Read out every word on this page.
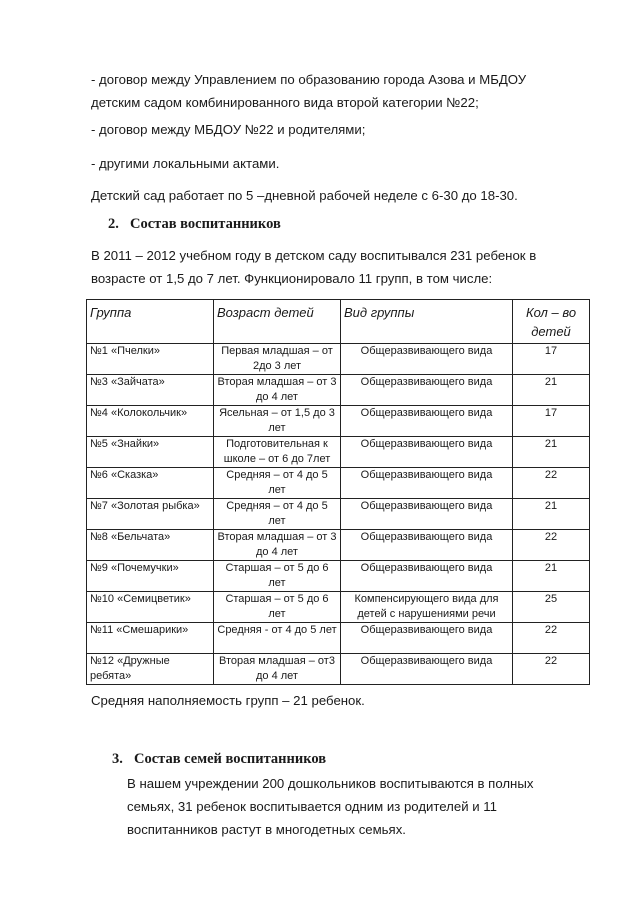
- договор между Управлением по образованию города Азова и МБДОУ детским садом комбинированного вида второй категории №22;

- договор между МБДОУ №22 и родителями;

- другими локальными актами.

Детский сад работает по 5 –дневной рабочей неделе с 6-30 до 18-30.

2. Состав воспитанников

В 2011 – 2012 учебном году в детском саду воспитывался 231 ребенок в возрасте от 1,5 до 7 лет. Функционировало 11 групп, в том числе:

Группа	Возраст детей	Вид группы	Кол – во детей
№1 «Пчелки»	Первая младшая – от 2до 3 лет	Общеразвивающего вида	17
№3 «Зайчата»	Вторая младшая – от 3 до 4 лет	Общеразвивающего вида	21
№4 «Колокольчик»	Ясельная – от 1,5 до 3 лет	Общеразвивающего вида	17
№5 «Знайки»	Подготовительная к школе – от 6 до 7лет	Общеразвивающего вида	21
№6 «Сказка»	Средняя – от 4 до 5 лет	Общеразвивающего вида	22
№7 «Золотая рыбка»	Средняя – от 4 до 5 лет	Общеразвивающего вида	21
№8 «Бельчата»	Вторая младшая – от 3 до 4 лет	Общеразвивающего вида	22
№9 «Почемучки»	Старшая – от 5 до 6 лет	Общеразвивающего вида	21
№10 «Семицветик»	Старшая – от 5 до 6 лет	Компенсирующего вида для детей с нарушениями речи	25
№11 «Смешарики»	Средняя - от 4 до 5 лет	Общеразвивающего вида	22
№12 «Дружные ребята»	Вторая младшая – от3 до 4 лет	Общеразвивающего вида	22

Средняя наполняемость групп – 21 ребенок.

3. Состав семей воспитанников

В нашем учреждении 200 дошкольников воспитываются в полных семьях, 31 ребенок воспитывается одним из родителей и 11 воспитанников растут в многодетных семьях.
